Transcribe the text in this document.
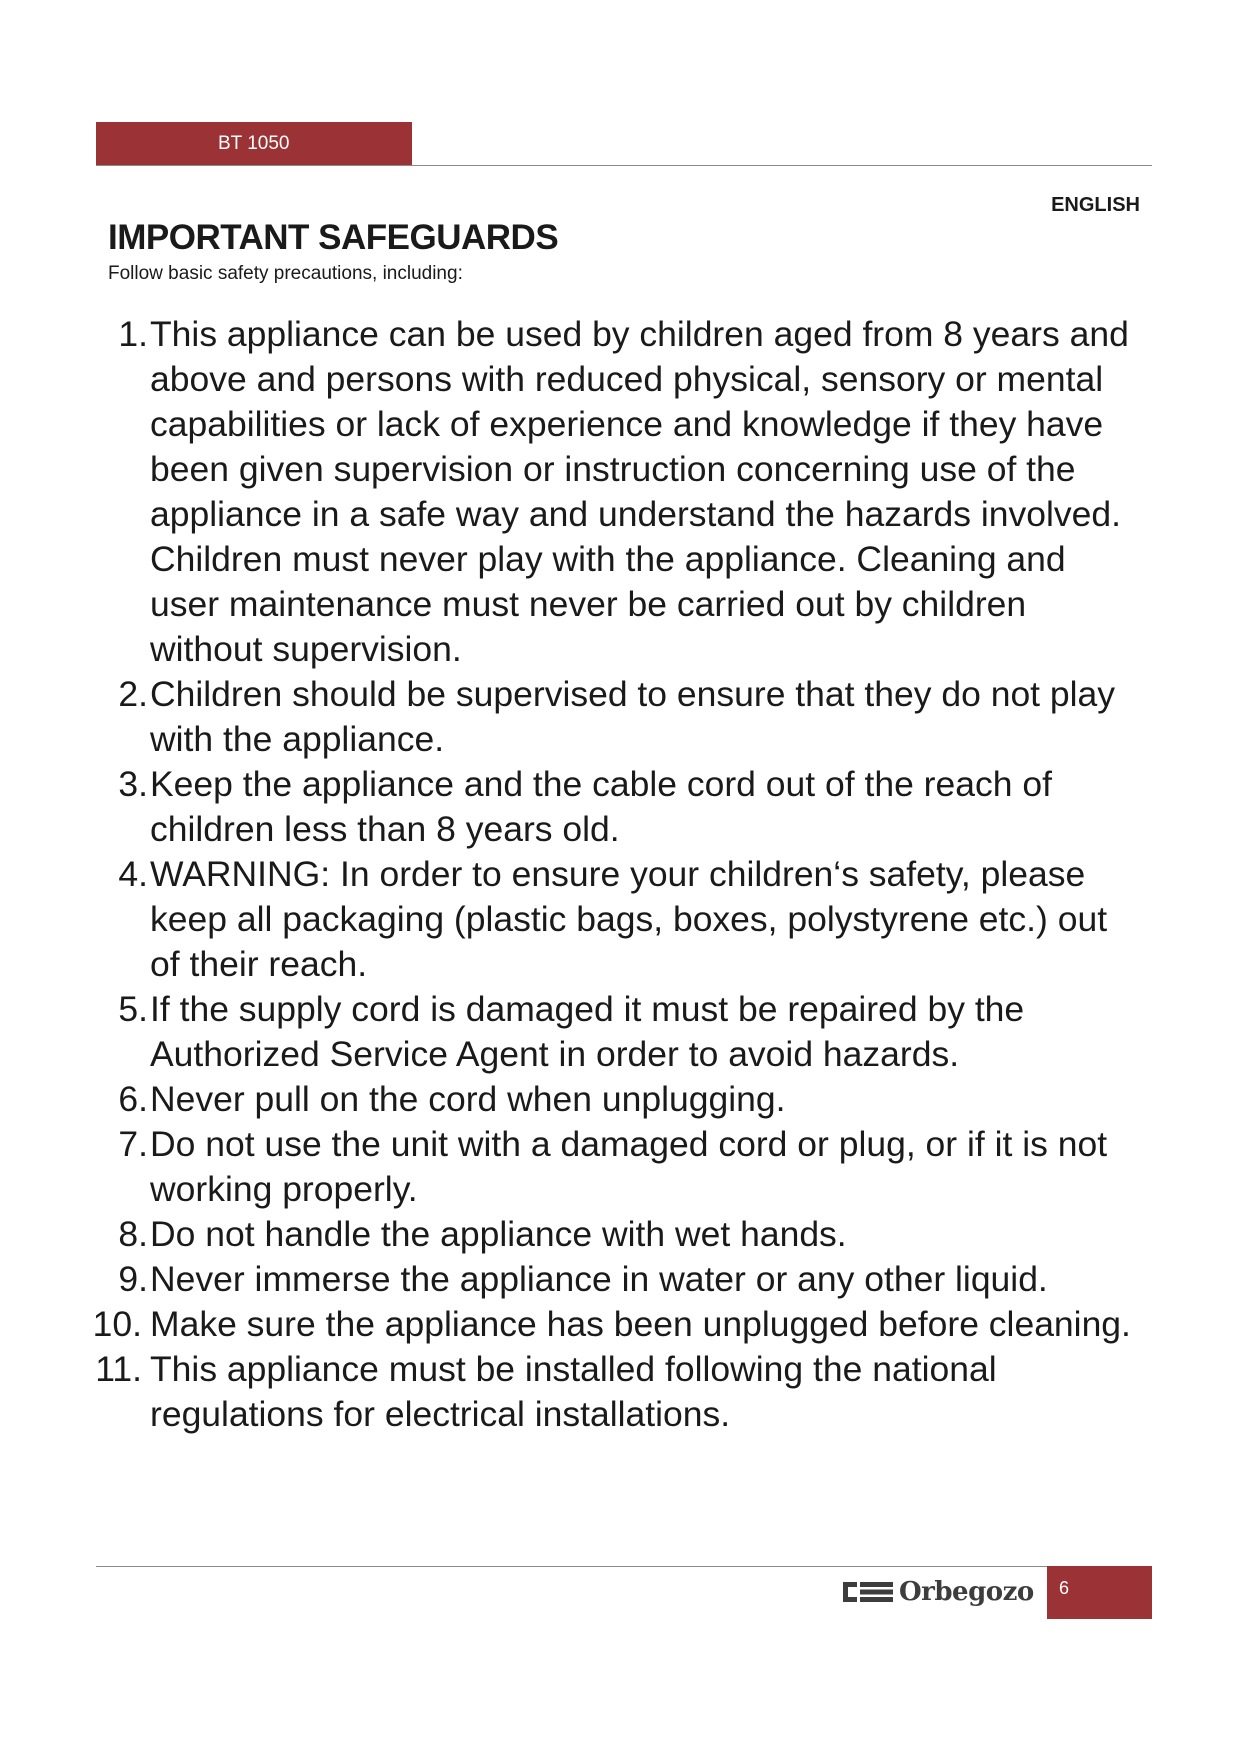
BT 1050
ENGLISH
IMPORTANT SAFEGUARDS
Follow basic safety precautions, including:
1. This appliance can be used by children aged from 8 years and above and persons with reduced physical, sensory or mental capabilities or lack of experience and knowledge if they have been given supervision or instruction concerning use of the appliance in a safe way and understand the hazards involved. Children must never play with the appliance. Cleaning and user maintenance must never be carried out by children without supervision.
2. Children should be supervised to ensure that they do not play with the appliance.
3. Keep the appliance and the cable cord out of the reach of children less than 8 years old.
4. WARNING: In order to ensure your children‘s safety, please keep all packaging (plastic bags, boxes, polystyrene etc.) out of their reach.
5. If the supply cord is damaged it must be repaired by the Authorized Service Agent in order to avoid hazards.
6. Never pull on the cord when unplugging.
7. Do not use the unit with a damaged cord or plug, or if it is not working properly.
8. Do not handle the appliance with wet hands.
9. Never immerse the appliance in water or any other liquid.
10. Make sure the appliance has been unplugged before cleaning.
11. This appliance must be installed following the national regulations for electrical installations.
Orbegozo	6
